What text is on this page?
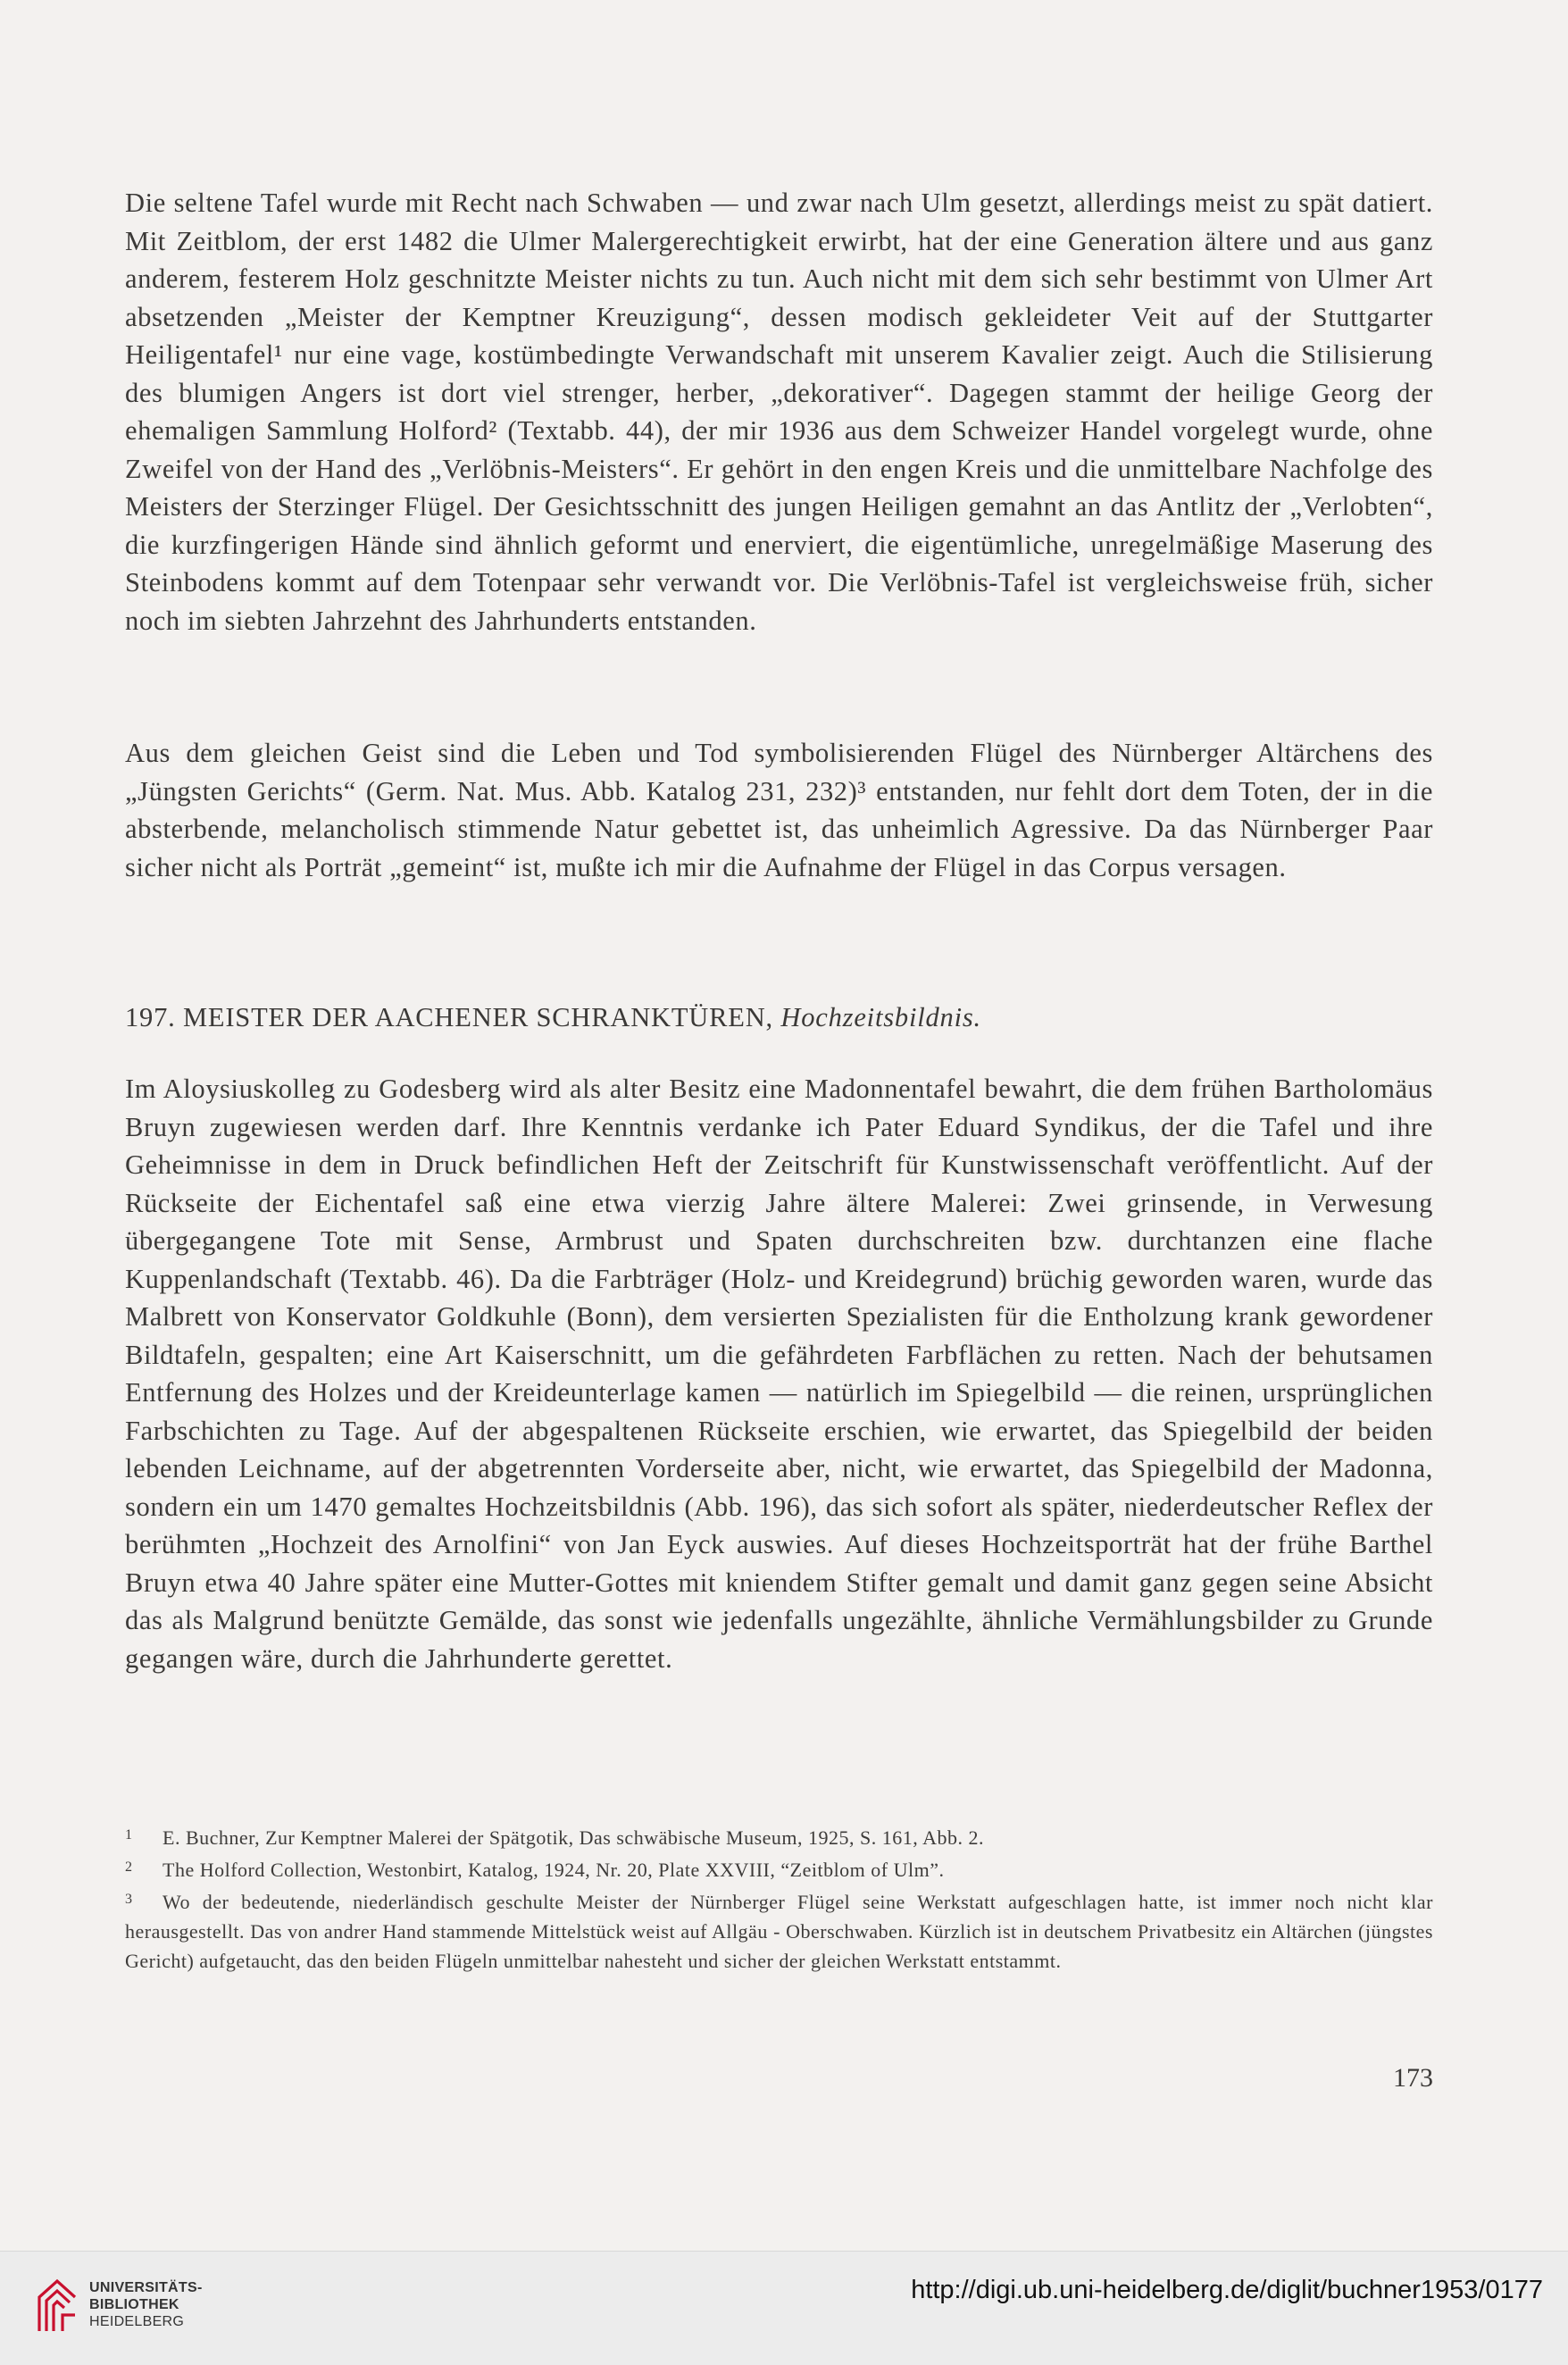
Die seltene Tafel wurde mit Recht nach Schwaben — und zwar nach Ulm gesetzt, allerdings meist zu spät datiert. Mit Zeitblom, der erst 1482 die Ulmer Malergerechtigkeit erwirbt, hat der eine Generation ältere und aus ganz anderem, festerem Holz geschnitzte Meister nichts zu tun. Auch nicht mit dem sich sehr bestimmt von Ulmer Art absetzenden „Meister der Kemptner Kreuzigung“, dessen modisch gekleideter Veit auf der Stuttgarter Heiligentafel¹ nur eine vage, kostümbedingte Verwandschaft mit unserem Kavalier zeigt. Auch die Stilisierung des blumigen Angers ist dort viel strenger, herber, „dekorativer“. Dagegen stammt der heilige Georg der ehemaligen Sammlung Holford² (Textabb. 44), der mir 1936 aus dem Schweizer Handel vorgelegt wurde, ohne Zweifel von der Hand des „Verlöbnis-Meisters“. Er gehört in den engen Kreis und die unmittelbare Nachfolge des Meisters der Sterzinger Flügel. Der Gesichtsschnitt des jungen Heiligen gemahnt an das Antlitz der „Verlobten“, die kurzfingerigen Hände sind ähnlich geformt und enerviert, die eigentümliche, unregelmäßige Maserung des Steinbodens kommt auf dem Totenpaar sehr verwandt vor. Die Verlöbnis-Tafel ist vergleichsweise früh, sicher noch im siebten Jahrzehnt des Jahrhunderts entstanden.

Aus dem gleichen Geist sind die Leben und Tod symbolisierenden Flügel des Nürnberger Altärchens des „Jüngsten Gerichts“ (Germ. Nat. Mus. Abb. Katalog 231, 232)³ entstanden, nur fehlt dort dem Toten, der in die absterbende, melancholisch stimmende Natur gebettet ist, das unheimlich Agressive. Da das Nürnberger Paar sicher nicht als Porträt „gemeint“ ist, mußte ich mir die Aufnahme der Flügel in das Corpus versagen.

197. MEISTER DER AACHENER SCHRANKTÜREN, Hochzeitsbildnis.

Im Aloysiuskolleg zu Godesberg wird als alter Besitz eine Madonnentafel bewahrt, die dem frühen Bartholomäus Bruyn zugewiesen werden darf. Ihre Kenntnis verdanke ich Pater Eduard Syndikus, der die Tafel und ihre Geheimnisse in dem in Druck befindlichen Heft der Zeitschrift für Kunstwissenschaft veröffentlicht. Auf der Rückseite der Eichentafel saß eine etwa vierzig Jahre ältere Malerei: Zwei grinsende, in Verwesung übergegangene Tote mit Sense, Armbrust und Spaten durchschreiten bzw. durchtanzen eine flache Kuppenlandschaft (Textabb. 46). Da die Farbträger (Holz- und Kreidegrund) brüchig geworden waren, wurde das Malbrett von Konservator Goldkuhle (Bonn), dem versierten Spezialisten für die Entholzung krank gewordener Bildtafeln, gespalten; eine Art Kaiserschnitt, um die gefährdeten Farbflächen zu retten. Nach der behutsamen Entfernung des Holzes und der Kreideunterlage kamen — natürlich im Spiegelbild — die reinen, ursprünglichen Farbschichten zu Tage. Auf der abgespaltenen Rückseite erschien, wie erwartet, das Spiegelbild der beiden lebenden Leichname, auf der abgetrennten Vorderseite aber, nicht, wie erwartet, das Spiegelbild der Madonna, sondern ein um 1470 gemaltes Hochzeitsbildnis (Abb. 196), das sich sofort als später, niederdeutscher Reflex der berühmten „Hochzeit des Arnolfini“ von Jan Eyck auswies. Auf dieses Hochzeitsporträt hat der frühe Barthel Bruyn etwa 40 Jahre später eine Mutter-Gottes mit kniendem Stifter gemalt und damit ganz gegen seine Absicht das als Malgrund benützte Gemälde, das sonst wie jedenfalls ungezählte, ähnliche Vermählungsbilder zu Grunde gegangen wäre, durch die Jahrhunderte gerettet.

1 E. Buchner, Zur Kemptner Malerei der Spätgotik, Das schwäbische Museum, 1925, S. 161, Abb. 2.

2 The Holford Collection, Westonbirt, Katalog, 1924, Nr. 20, Plate XXVIII, “Zeitblom of Ulm”.

3 Wo der bedeutende, niederländisch geschulte Meister der Nürnberger Flügel seine Werkstatt aufgeschlagen hatte, ist immer noch nicht klar herausgestellt. Das von andrer Hand stammende Mittelstück weist auf Allgäu - Oberschwaben. Kürzlich ist in deutschem Privatbesitz ein Altärchen (jüngstes Gericht) aufgetaucht, das den beiden Flügeln unmittelbar nahesteht und sicher der gleichen Werkstatt entstammt.

173
UNIVERSITÄTS-
BIBLIOTHEK
HEIDELBERG
http://digi.ub.uni-heidelberg.de/diglit/buchner1953/0177
